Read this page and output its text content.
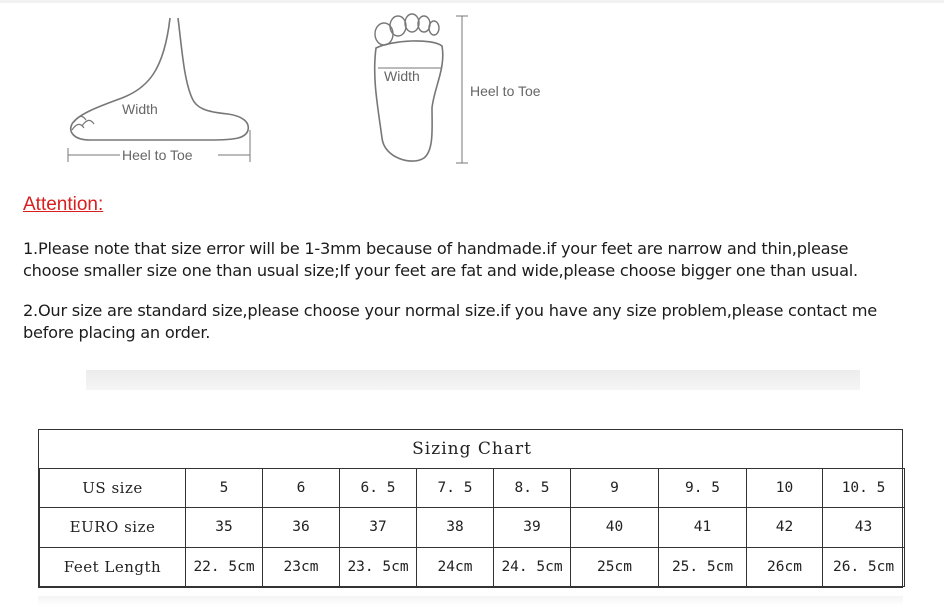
Heel to Toe
Width
Width
Heel to Toe
Attention:
1.Please note that size error will be 1-3mm because of handmade.if your feet are narrow and thin,please
choose smaller size one than usual size;If your feet are fat and wide,please choose bigger one than usual.
2.Our size are standard size,please choose your normal size.if you have any size problem,please contact me
before placing an order.
Sizing Chart									
US size	5	6	6. 5	7. 5	8. 5	9	9. 5	10	10. 5
EURO size	35	36	37	38	39	40	41	42	43
Feet Length	22. 5cm	23cm	23. 5cm	24cm	24. 5cm	25cm	25. 5cm	26cm	26. 5cm
